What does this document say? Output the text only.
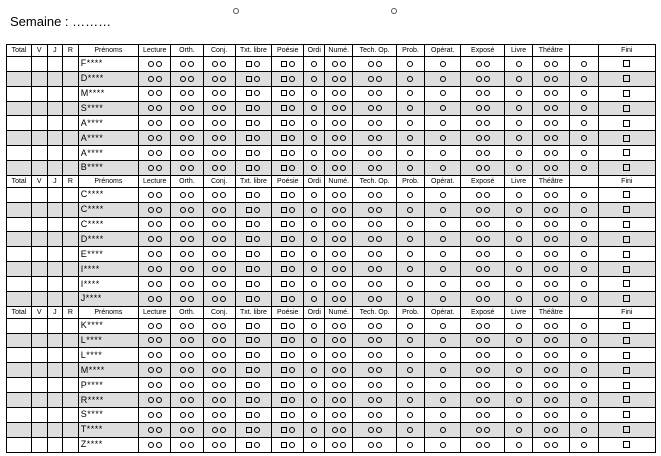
Semaine : ………
Total	V	J	R	Prénoms	Lecture	Orth.	Conj.	Txt. libre	Poésie	Ordi	Numé.	Tech. Op.	Prob.	Opérat.	Exposé	Livre	Théâtre		Fini
				F****															
				D****															
				M****															
				S****															
				A****															
				A****															
				A****															
				B****															
Total	V	J	R	Prénoms	Lecture	Orth.	Conj.	Txt. libre	Poésie	Ordi	Numé.	Tech. Op.	Prob.	Opérat.	Exposé	Livre	Théâtre		Fini
				C****															
				C****															
				C****															
				D****															
				E****															
				I****															
				I****															
				J****															
Total	V	J	R	Prénoms	Lecture	Orth.	Conj.	Txt. libre	Poésie	Ordi	Numé.	Tech. Op.	Prob.	Opérat.	Exposé	Livre	Théâtre		Fini
				K****															
				L****															
				L****															
				M****															
				P****															
				R****															
				S****															
				T****															
				Z****															
